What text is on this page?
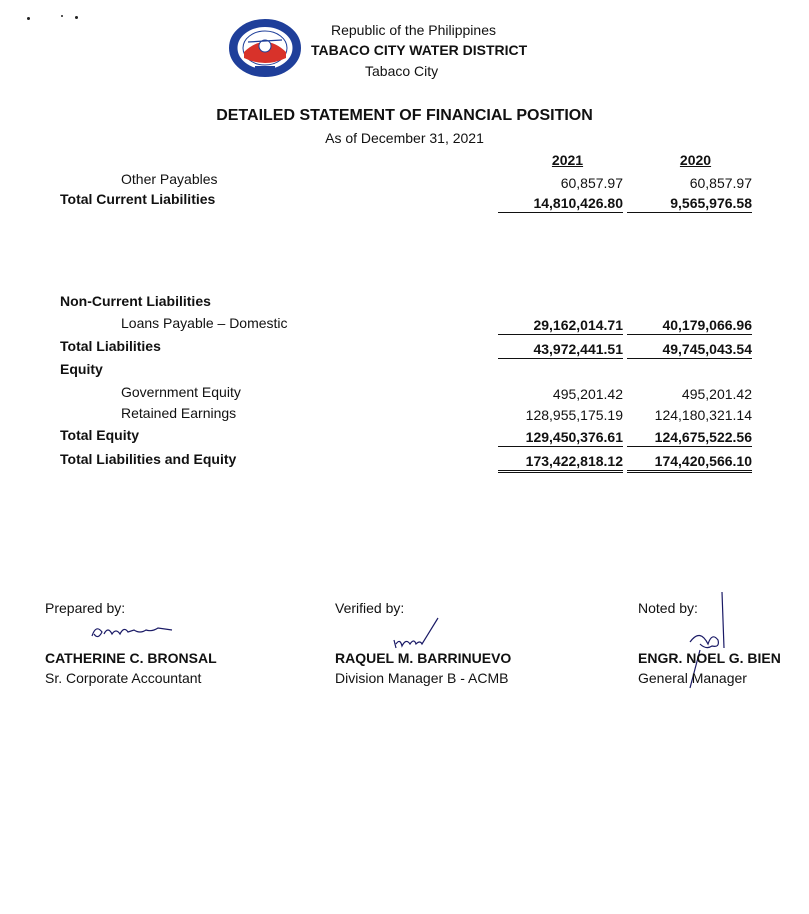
Republic of the Philippines
TABACO CITY WATER DISTRICT
Tabaco City
DETAILED STATEMENT OF FINANCIAL POSITION
As of December 31, 2021
2021	2020
Other Payables	60,857.97	60,857.97
Total Current Liabilities	14,810,426.80	9,565,976.58
Non-Current Liabilities
Loans Payable – Domestic	29,162,014.71	40,179,066.96
Total Liabilities	43,972,441.51	49,745,043.54
Equity
Government Equity	495,201.42	495,201.42
Retained Earnings	128,955,175.19	124,180,321.14
Total Equity	129,450,376.61	124,675,522.56
Total Liabilities and Equity	173,422,818.12	174,420,566.10
Prepared by:
CATHERINE C. BRONSAL
Sr. Corporate Accountant
Verified by:
RAQUEL M. BARRINUEVO
Division Manager B - ACMB
Noted by:
ENGR. NOEL G. BIEN
General Manager
